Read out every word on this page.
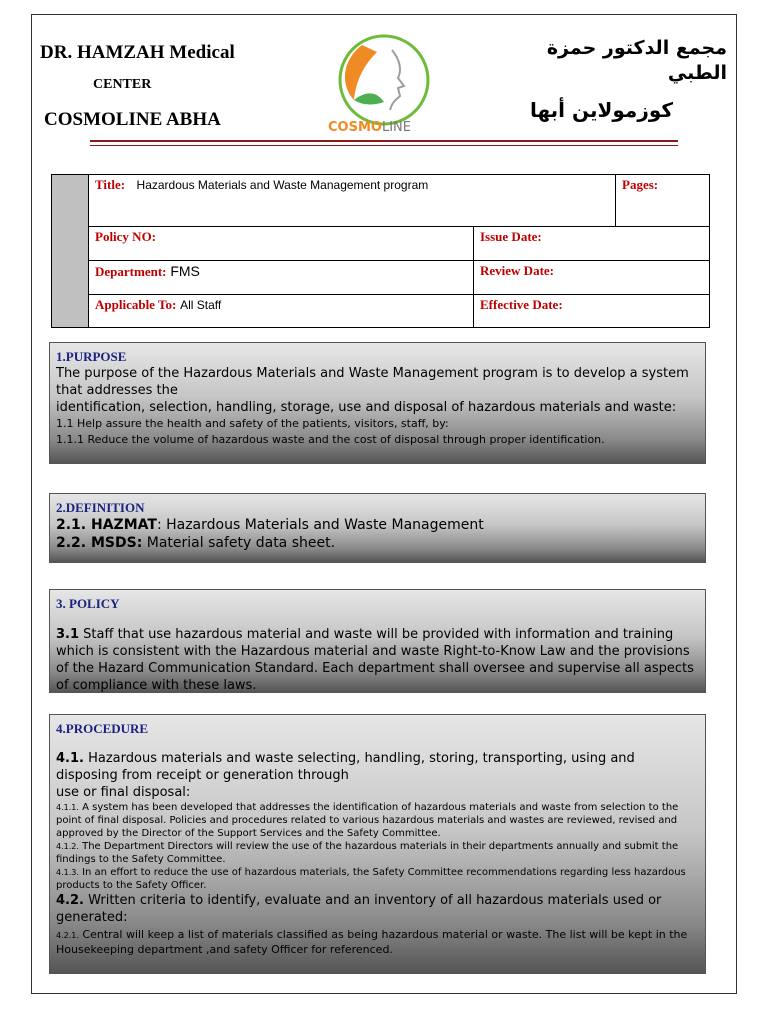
DR. HAMZAH Medical
CENTER
COSMOLINE ABHA
مجمع الدكتور حمزة الطبي
كوزمولاين أبها
COSMOLINE
Title: Hazardous Materials and Waste Management program	Pages:
Policy NO:	Issue Date:
Department: FMS	Review Date:
Applicable To: All Staff	Effective Date:
1.PURPOSE
The purpose of the Hazardous Materials and Waste Management program is to develop a system that addresses the
identification, selection, handling, storage, use and disposal of hazardous materials and waste:
1.1 Help assure the health and safety of the patients, visitors, staff, by:
1.1.1 Reduce the volume of hazardous waste and the cost of disposal through proper identification.
2.DEFINITION
2.1. HAZMAT: Hazardous Materials and Waste Management
2.2. MSDS: Material safety data sheet.
3. POLICY
3.1 Staff that use hazardous material and waste will be provided with information and training which is consistent with the Hazardous material and waste Right-to-Know Law and the provisions of the Hazard Communication Standard. Each department shall oversee and supervise all aspects of compliance with these laws.
4.PROCEDURE
4.1. Hazardous materials and waste selecting, handling, storing, transporting, using and disposing from receipt or generation through
use or final disposal:
4.1.1. A system has been developed that addresses the identification of hazardous materials and waste from selection to the point of final disposal. Policies and procedures related to various hazardous materials and wastes are reviewed, revised and approved by the Director of the Support Services and the Safety Committee.
4.1.2. The Department Directors will review the use of the hazardous materials in their departments annually and submit the findings to the Safety Committee.
4.1.3. In an effort to reduce the use of hazardous materials, the Safety Committee recommendations regarding less hazardous products to the Safety Officer.
4.2. Written criteria to identify, evaluate and an inventory of all hazardous materials used or generated:
4.2.1. Central will keep a list of materials classified as being hazardous material or waste. The list will be kept in the Housekeeping department ,and safety Officer for referenced.
